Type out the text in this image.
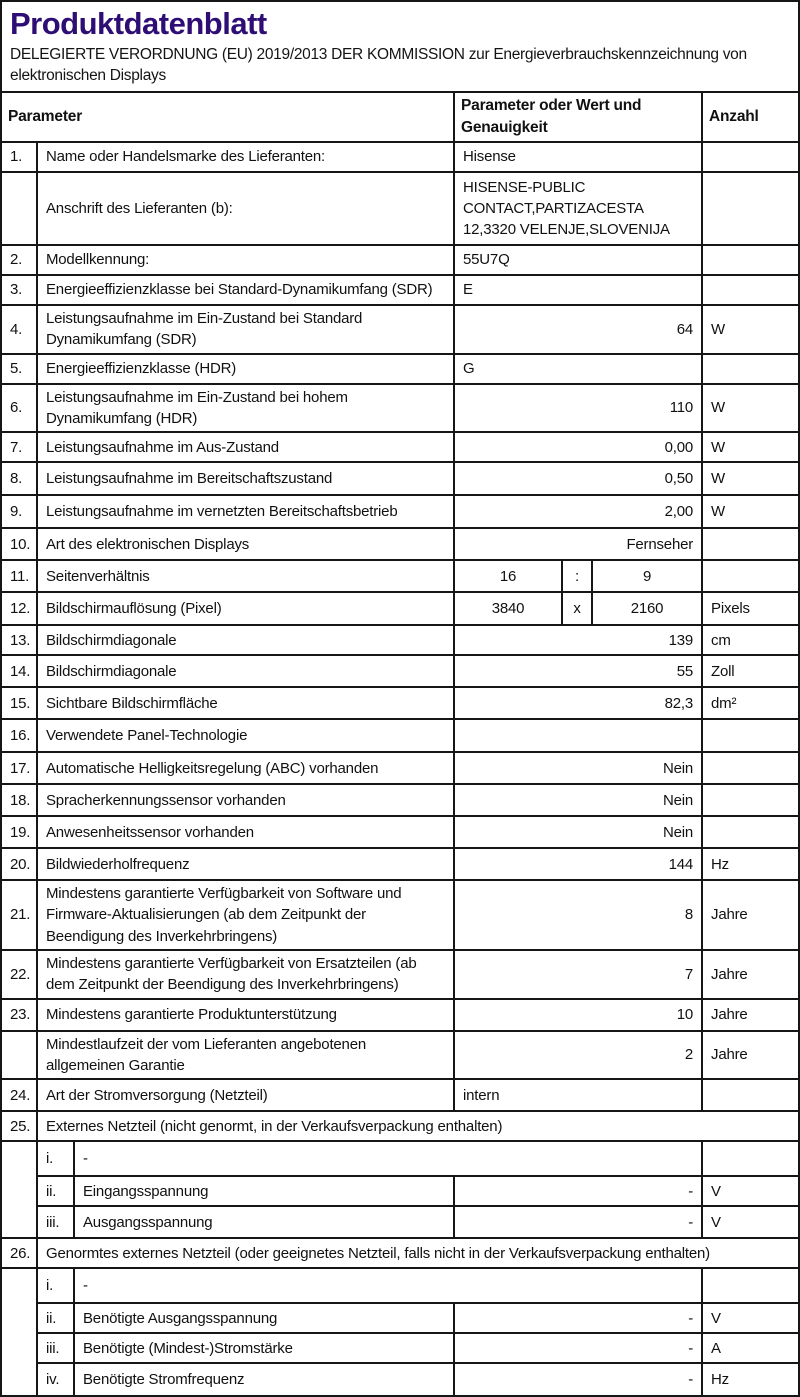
Produktdatenblatt
DELEGIERTE VERORDNUNG (EU) 2019/2013 DER KOMMISSION zur Energieverbrauchskennzeichnung von elektronischen Displays
Parameter			Parameter oder Wert und Genauigkeit			Anzahl
1.	Name oder Handelsmarke des Lieferanten:		Hisense			
	Anschrift des Lieferanten (b):		HISENSE-PUBLIC CONTACT,PARTIZACESTA 12,3320 VELENJE,SLOVENIJA			
2.	Modellkennung:		55U7Q			
3.	Energieeffizienzklasse bei Standard-Dynamikumfang (SDR)		E			
4.	Leistungsaufnahme im Ein-Zustand bei Standard Dynamikumfang (SDR)		64			W
5.	Energieeffizienzklasse (HDR)		G			
6.	Leistungsaufnahme im Ein-Zustand bei hohem Dynamikumfang (HDR)		110			W
7.	Leistungsaufnahme im Aus-Zustand		0,00			W
8.	Leistungsaufnahme im Bereitschaftszustand		0,50			W
9.	Leistungsaufnahme im vernetzten Bereitschaftsbetrieb		2,00			W
10.	Art des elektronischen Displays		Fernseher			
11.	Seitenverhältnis		16	:	9	
12.	Bildschirmauflösung (Pixel)		3840	x	2160	Pixels
13.	Bildschirmdiagonale		139			cm
14.	Bildschirmdiagonale		55			Zoll
15.	Sichtbare Bildschirmfläche		82,3			dm²
16.	Verwendete Panel-Technologie					
17.	Automatische Helligkeitsregelung (ABC) vorhanden		Nein			
18.	Spracherkennungssensor vorhanden		Nein			
19.	Anwesenheitssensor vorhanden		Nein			
20.	Bildwiederholfrequenz		144			Hz
21.	Mindestens garantierte Verfügbarkeit von Software und Firmware-Aktualisierungen (ab dem Zeitpunkt der Beendigung des Inverkehrbringens)		8			Jahre
22.	Mindestens garantierte Verfügbarkeit von Ersatzteilen (ab dem Zeitpunkt der Beendigung des Inverkehrbringens)		7			Jahre
23.	Mindestens garantierte Produktunterstützung		10			Jahre
	Mindestlaufzeit der vom Lieferanten angebotenen allgemeinen Garantie		2			Jahre
24.	Art der Stromversorgung (Netzteil)		intern			
25.	Externes Netzteil (nicht genormt, in der Verkaufsverpackung enthalten)					
	i.	-				
	ii.	Eingangsspannung	-			V
	iii.	Ausgangsspannung	-			V
26.	Genormtes externes Netzteil (oder geeignetes Netzteil, falls nicht in der Verkaufsverpackung enthalten)					
	i.	-				
	ii.	Benötigte Ausgangsspannung	-			V
	iii.	Benötigte (Mindest-)Stromstärke	-			A
	iv.	Benötigte Stromfrequenz	-			Hz
